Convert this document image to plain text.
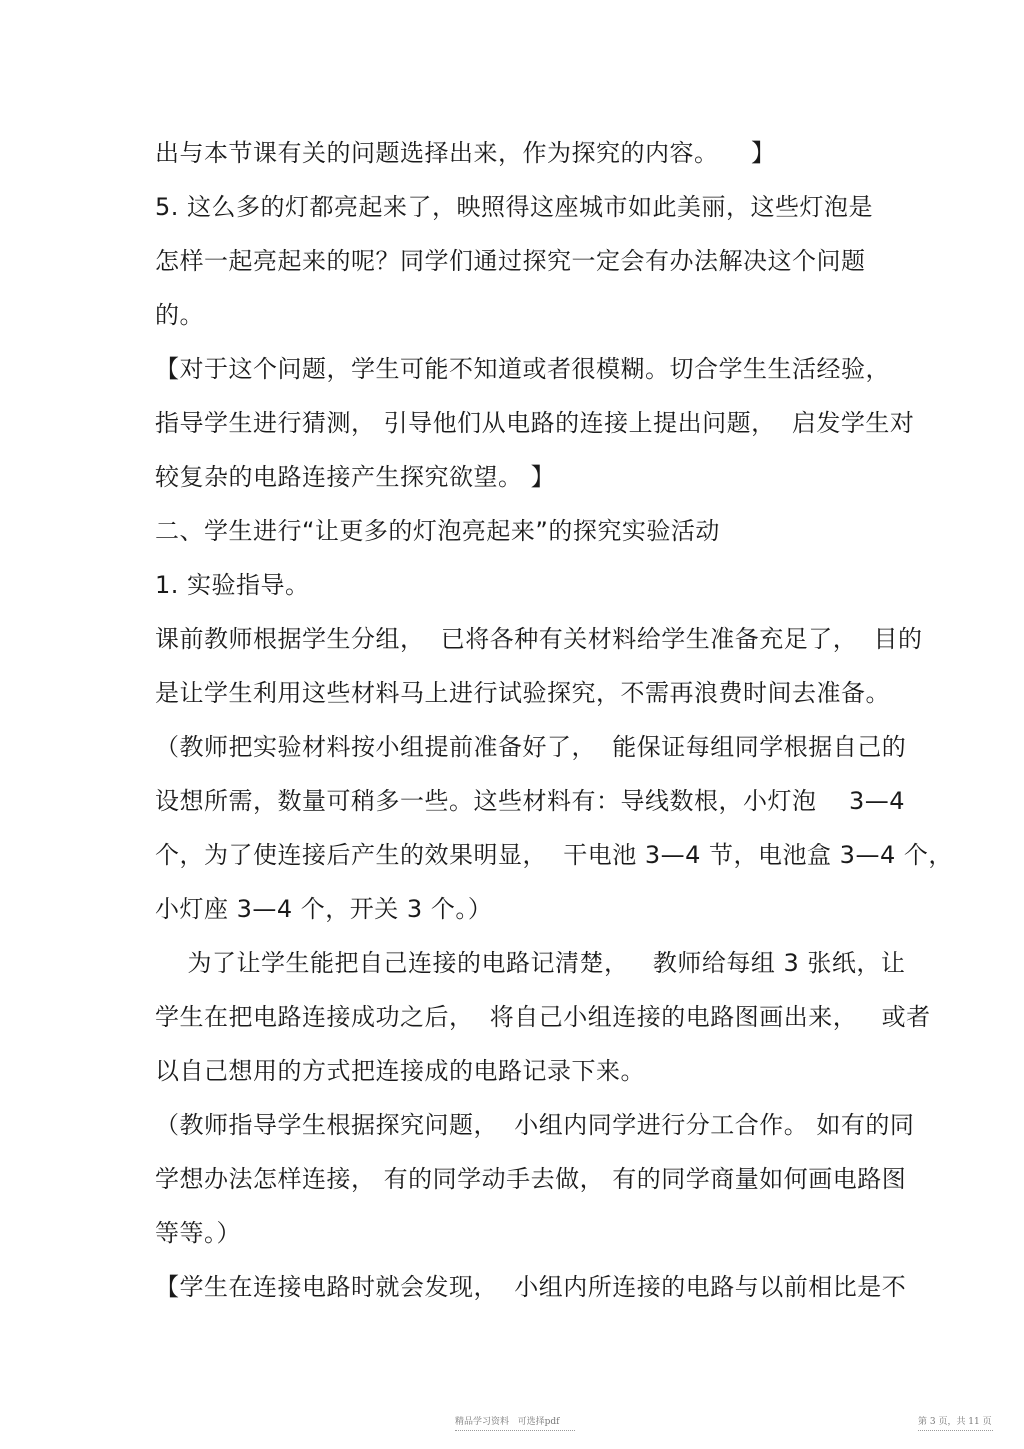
出与本节课有关的问题选择出来，作为探究的内容。    】
5. 这么多的灯都亮起来了，映照得这座城市如此美丽，这些灯泡是
怎样一起亮起来的呢？同学们通过探究一定会有办法解决这个问题
的。
【对于这个问题，学生可能不知道或者很模糊。切合学生生活经验，
指导学生进行猜测， 引导他们从电路的连接上提出问题，  启发学生对
较复杂的电路连接产生探究欲望。 】
二、学生进行“让更多的灯泡亮起来”的探究实验活动
1. 实验指导。
课前教师根据学生分组，  已将各种有关材料给学生准备充足了，  目的
是让学生利用这些材料马上进行试验探究，不需再浪费时间去准备。
（教师把实验材料按小组提前准备好了，  能保证每组同学根据自己的
设想所需，数量可稍多一些。这些材料有：导线数根，小灯泡    3—4
个，为了使连接后产生的效果明显，  干电池 3—4 节，电池盒 3—4 个，
小灯座 3—4 个，开关 3 个。）
为了让学生能把自己连接的电路记清楚，   教师给每组 3 张纸，让
学生在把电路连接成功之后，  将自己小组连接的电路图画出来，   或者
以自己想用的方式把连接成的电路记录下来。
（教师指导学生根据探究问题，  小组内同学进行分工合作。 如有的同
学想办法怎样连接， 有的同学动手去做， 有的同学商量如何画电路图
等等。）
【学生在连接电路时就会发现，  小组内所连接的电路与以前相比是不
精品学习资料   可选择pdf	第 3 页，共 11 页
